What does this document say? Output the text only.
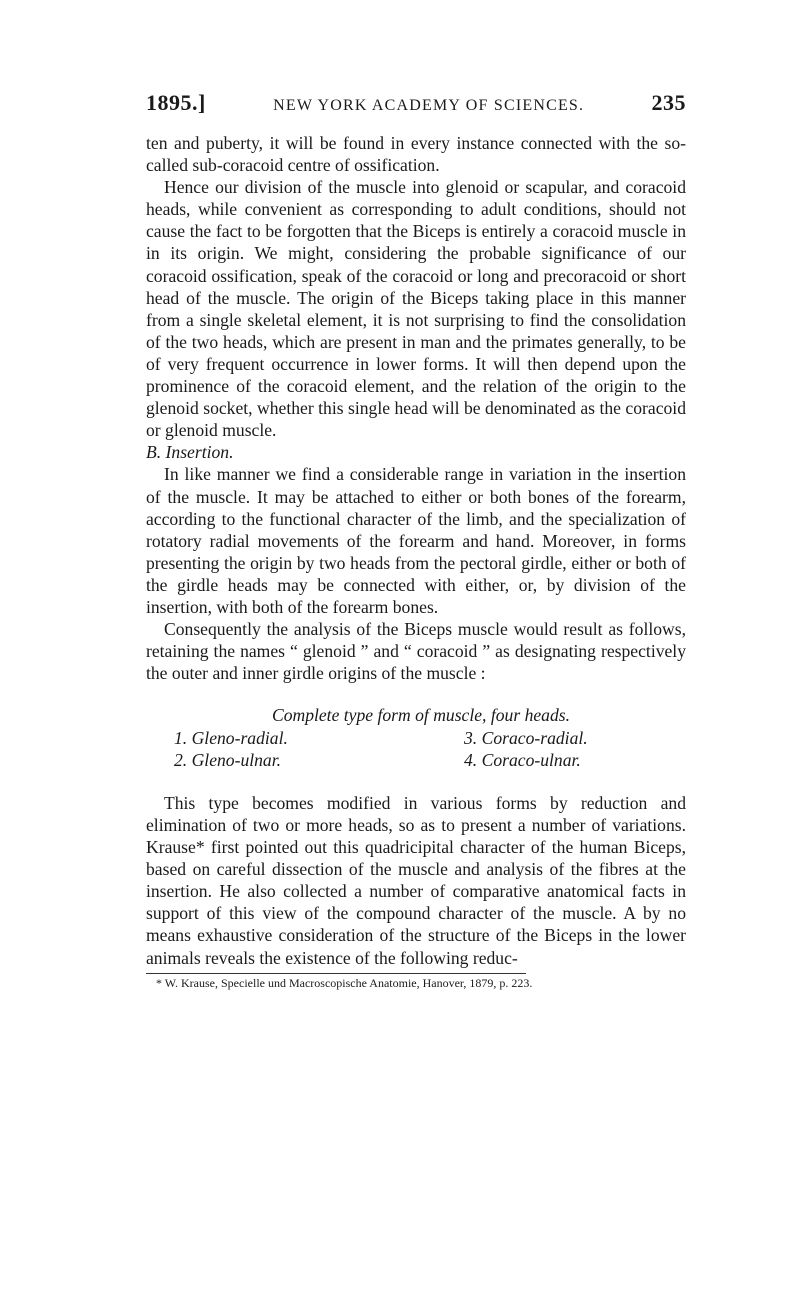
1895.]	NEW YORK ACADEMY OF SCIENCES.	235

ten and puberty, it will be found in every instance connected with the so-called sub-coracoid centre of ossification.

Hence our division of the muscle into glenoid or scapular, and coracoid heads, while convenient as corresponding to adult conditions, should not cause the fact to be forgotten that the Biceps is entirely a coracoid muscle in in its origin. We might, considering the probable significance of our coracoid ossification, speak of the coracoid or long and precoracoid or short head of the muscle. The origin of the Biceps taking place in this manner from a single skeletal element, it is not surprising to find the consolidation of the two heads, which are present in man and the primates generally, to be of very frequent occurrence in lower forms. It will then depend upon the prominence of the coracoid element, and the relation of the origin to the glenoid socket, whether this single head will be denominated as the coracoid or glenoid muscle.

B. Insertion.

In like manner we find a considerable range in variation in the insertion of the muscle. It may be attached to either or both bones of the forearm, according to the functional character of the limb, and the specialization of rotatory radial movements of the forearm and hand. Moreover, in forms presenting the origin by two heads from the pectoral girdle, either or both of the girdle heads may be connected with either, or, by division of the insertion, with both of the forearm bones.

Consequently the analysis of the Biceps muscle would result as follows, retaining the names “ glenoid ” and “ coracoid ” as designating respectively the outer and inner girdle origins of the muscle :

Complete type form of muscle, four heads.
1. Gleno-radial.	3. Coraco-radial.
2. Gleno-ulnar.	4. Coraco-ulnar.

This type becomes modified in various forms by reduction and elimination of two or more heads, so as to present a number of variations. Krause* first pointed out this quadricipital character of the human Biceps, based on careful dissection of the muscle and analysis of the fibres at the insertion. He also collected a number of comparative anatomical facts in support of this view of the compound character of the muscle. A by no means exhaustive consideration of the structure of the Biceps in the lower animals reveals the existence of the following reduc-

* W. Krause, Specielle und Macroscopische Anatomie, Hanover, 1879, p. 223.
